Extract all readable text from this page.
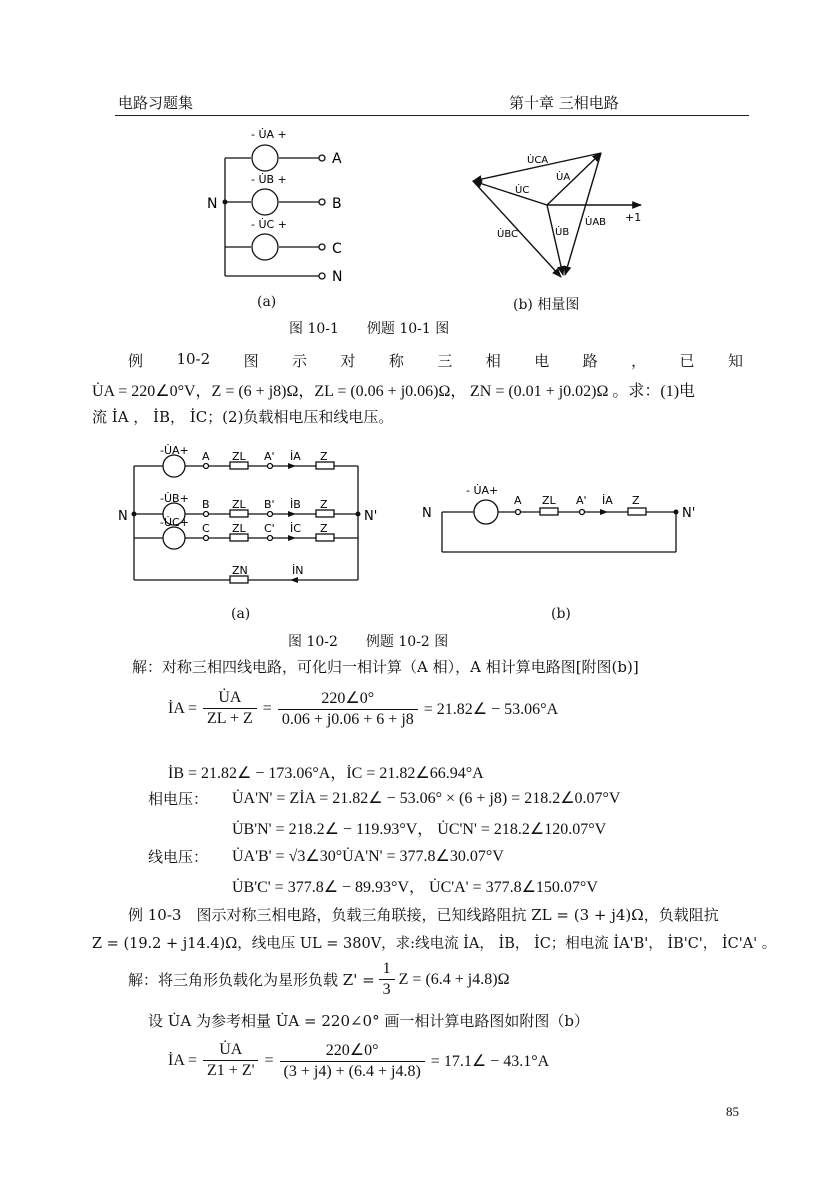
电路习题集	第十章 三相电路
- U̇A +
- U̇B +
- U̇C +
A
B
C
N
N
U̇CA
U̇A
U̇C
U̇AB
U̇BC	U̇B
+1
(a)	(b) 相量图
图 10-1　　例题 10-1 图
例 10-2 图 示 对 称 三 相 电 路 ， 已 知
U̇A = 220∠0°V，Z = (6 + j8)Ω，ZL = (0.06 + j0.06)Ω， ZN = (0.01 + j0.02)Ω 。求：(1)电
流 İA ， İB， İC；(2)负载相电压和线电压。
-U̇A+
-U̇B+
-U̇C+
A
B
C
ZL
ZL
ZL
A'
B'
C'
İA
İB
İC
İN
Z
Z
Z
ZN
N	N'
- U̇A+
A ZL A' İA Z
N	N'
(a)	(b)
图 10-2　　例题 10-2 图
解：对称三相四线电路，可化归一相计算（A 相），A 相计算电路图[附图(b)]
İA = $\frac{U̇A}{ZL + Z} = \frac{220\angle 0^\circ}{0.06 + j0.06 + 6 + j8}$ = 21.82∠ − 53.06°A
İB = 21.82∠ − 173.06°A，İC = 21.82∠66.94°A
相电压： U̇A'N' = ZİA = 21.82∠ − 53.06° × (6 + j8) = 218.2∠0.07°V
U̇B'N' = 218.2∠ − 119.93°V， U̇C'N' = 218.2∠120.07°V
线电压： U̇A'B' = √3∠30°U̇A'N' = 377.8∠30.07°V
U̇B'C' = 377.8∠ − 89.93°V， U̇C'A' = 377.8∠150.07°V
例 10-3　图示对称三相电路，负载三角联接，已知线路阻抗 ZL = (3 + j4)Ω，负载阻抗
Z = (19.2 + j14.4)Ω，线电压 UL = 380V，求:线电流 İA， İB， İC；相电流 İA'B'， İB'C'， İC'A' 。
解：将三角形负载化为星形负载 $Z' = \frac{1}{3}$ Z = (6.4 + j4.8)Ω
设 U̇A 为参考相量 U̇A = 220∠0° 画一相计算电路图如附图（b）
İA = $\frac{U̇A}{Z1 + Z'} = \frac{220\angle 0^\circ}{(3 + j4) + (6.4 + j4.8)}$ = 17.1∠ − 43.1°A
85
